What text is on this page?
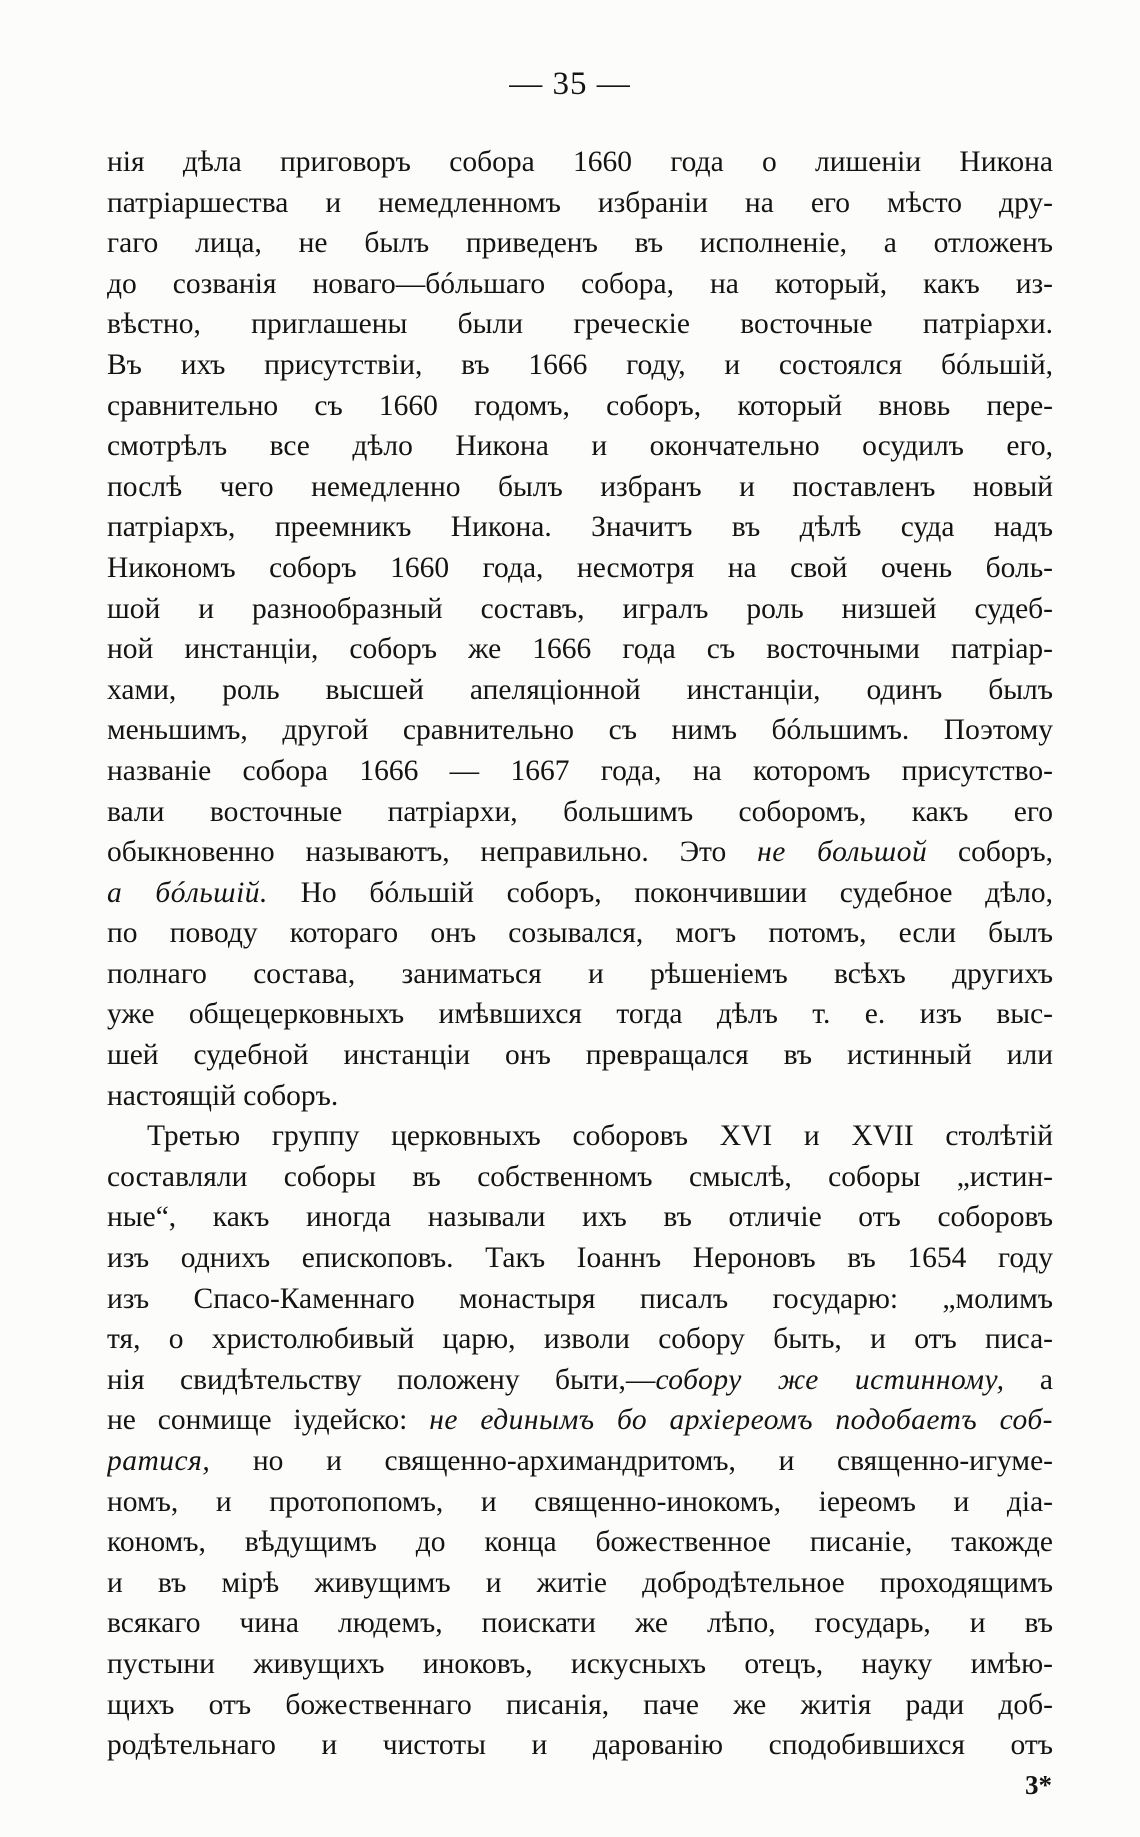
— 35 —
нія дѣла приговоръ собора 1660 года о лишеніи Никона
патріаршества и немедленномъ избраніи на его мѣсто дру-
гаго лица, не былъ приведенъ въ исполненіе, а отложенъ
до созванія новаго—бóльшаго собора, на который, какъ из-
вѣстно, приглашены были греческіе восточные патріархи.
Въ ихъ присутствіи, въ 1666 году, и состоялся бóльшій,
сравнительно съ 1660 годомъ, соборъ, который вновь пере-
смотрѣлъ все дѣло Никона и окончательно осудилъ его,
послѣ чего немедленно былъ избранъ и поставленъ новый
патріархъ, преемникъ Никона. Значитъ въ дѣлѣ суда надъ
Никономъ соборъ 1660 года, несмотря на свой очень боль-
шой и разнообразный составъ, игралъ роль низшей судеб-
ной инстанціи, соборъ же 1666 года съ восточными патріар-
хами, роль высшей апеляціонной инстанціи, одинъ былъ
меньшимъ, другой сравнительно съ нимъ бóльшимъ. Поэтому
названіе собора 1666 — 1667 года, на которомъ присутство-
вали восточные патріархи, большимъ соборомъ, какъ его
обыкновенно называютъ, неправильно. Это не большой соборъ,
а бóльшій. Но бóльшій соборъ, покончившии судебное дѣло,
по поводу котораго онъ созывался, могъ потомъ, если былъ
полнаго состава, заниматься и рѣшеніемъ всѣхъ другихъ
уже общецерковныхъ имѣвшихся тогда дѣлъ т. е. изъ выс-
шей судебной инстанціи онъ превращался въ истинный или
настоящій соборъ.
Третью группу церковныхъ соборовъ XVI и XVII столѣтій
составляли соборы въ собственномъ смыслѣ, соборы „истин-
ные“, какъ иногда называли ихъ въ отличіе отъ соборовъ
изъ однихъ епископовъ. Такъ Іоаннъ Нероновъ въ 1654 году
изъ Спасо-Каменнаго монастыря писалъ государю: „молимъ
тя, о христолюбивый царю, изволи собору быть, и отъ писа-
нія свидѣтельству положену быти,—собору же истинному, а
не сонмище іудейско: не единымъ бо архіереомъ подобаетъ соб-
ратися, нo и священно-архимандритомъ, и священно-игуме-
номъ, и протопопомъ, и священно-инокомъ, іереомъ и діа-
кономъ, вѣдущимъ до конца божественное писаніе, такожде
и въ мірѣ живущимъ и житіе добродѣтельное проходящимъ
всякаго чина людемъ, поискати же лѣпо, государь, и въ
пустыни живущихъ иноковъ, искусныхъ отецъ, науку имѣю-
щихъ отъ божественнаго писанія, паче же житія ради доб-
родѣтельнаго и чистоты и дарованію сподобившихся отъ
3*
